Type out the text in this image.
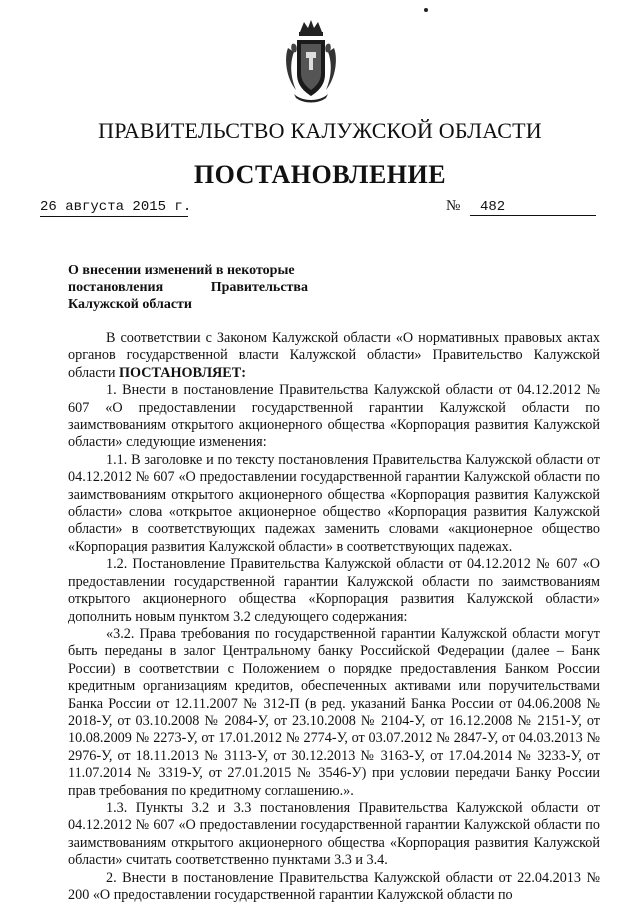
ПРАВИТЕЛЬСТВО КАЛУЖСКОЙ ОБЛАСТИ
ПОСТАНОВЛЕНИЕ
26 августа 2015 г.	№ 482
О внесении изменений в некоторые
постановления	Правительства
Калужской области

В соответствии с Законом Калужской области «О нормативных правовых актах органов государственной власти Калужской области» Правительство Калужской области ПОСТАНОВЛЯЕТ:

1. Внести в постановление Правительства Калужской области от 04.12.2012 № 607 «О предоставлении государственной гарантии Калужской области по заимствованиям открытого акционерного общества «Корпорация развития Калужской области» следующие изменения:

1.1. В заголовке и по тексту постановления Правительства Калужской области от 04.12.2012 № 607 «О предоставлении государственной гарантии Калужской области по заимствованиям открытого акционерного общества «Корпорация развития Калужской области» слова «открытое акционерное общество «Корпорация развития Калужской области» в соответствующих падежах заменить словами «акционерное общество «Корпорация развития Калужской области» в соответствующих падежах.

1.2. Постановление Правительства Калужской области от 04.12.2012 № 607 «О предоставлении государственной гарантии Калужской области по заимствованиям открытого акционерного общества «Корпорация развития Калужской области» дополнить новым пунктом 3.2 следующего содержания:

«3.2. Права требования по государственной гарантии Калужской области могут быть переданы в залог Центральному банку Российской Федерации (далее – Банк России) в соответствии с Положением о порядке предоставления Банком России кредитным организациям кредитов, обеспеченных активами или поручительствами Банка России от 12.11.2007 № 312-П (в ред. указаний Банка России от 04.06.2008 № 2018-У, от 03.10.2008 № 2084-У, от 23.10.2008 № 2104-У, от 16.12.2008 № 2151-У, от 10.08.2009 № 2273-У, от 17.01.2012 № 2774-У, от 03.07.2012 № 2847-У, от 04.03.2013 № 2976-У, от 18.11.2013 № 3113-У, от 30.12.2013 № 3163-У, от 17.04.2014 № 3233-У, от 11.07.2014 № 3319-У, от 27.01.2015 № 3546-У) при условии передачи Банку России прав требования по кредитному соглашению.».

1.3. Пункты 3.2 и 3.3 постановления Правительства Калужской области от 04.12.2012 № 607 «О предоставлении государственной гарантии Калужской области по заимствованиям открытого акционерного общества «Корпорация развития Калужской области» считать соответственно пунктами 3.3 и 3.4.

2. Внести в постановление Правительства Калужской области от 22.04.2013 № 200 «О предоставлении государственной гарантии Калужской области по
